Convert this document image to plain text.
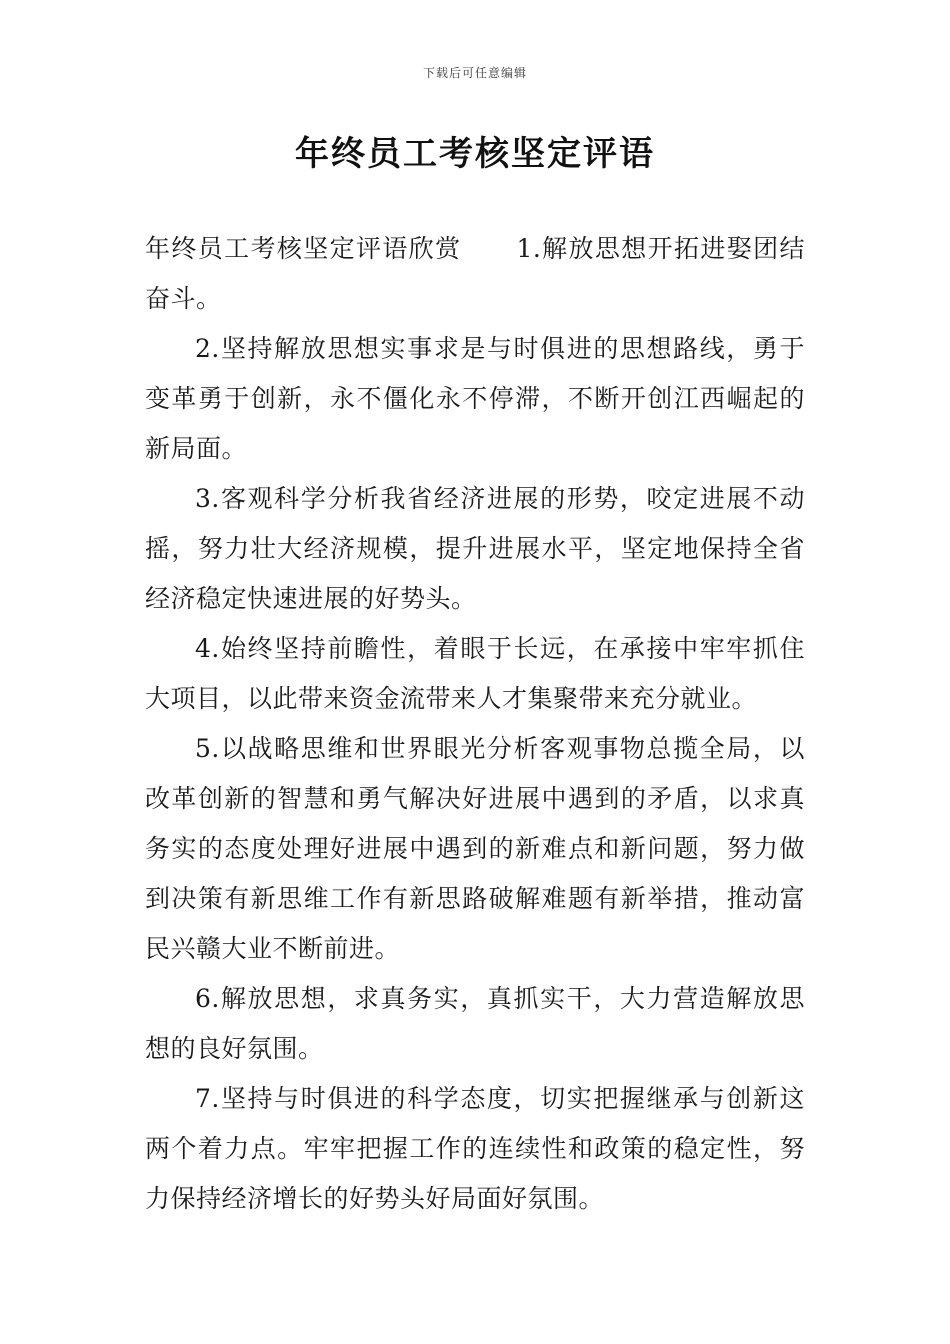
下载后可任意编辑
年终员工考核坚定评语

年终员工考核坚定评语欣赏 1.解放思想开拓进娶团结奋斗。

2.坚持解放思想实事求是与时俱进的思想路线，勇于变革勇于创新，永不僵化永不停滞，不断开创江西崛起的新局面。

3.客观科学分析我省经济进展的形势，咬定进展不动摇，努力壮大经济规模，提升进展水平，坚定地保持全省经济稳定快速进展的好势头。

4.始终坚持前瞻性，着眼于长远，在承接中牢牢抓住大项目，以此带来资金流带来人才集聚带来充分就业。

5.以战略思维和世界眼光分析客观事物总揽全局，以改革创新的智慧和勇气解决好进展中遇到的矛盾，以求真务实的态度处理好进展中遇到的新难点和新问题，努力做到决策有新思维工作有新思路破解难题有新举措，推动富民兴赣大业不断前进。

6.解放思想，求真务实，真抓实干，大力营造解放思想的良好氛围。

7.坚持与时俱进的科学态度，切实把握继承与创新这两个着力点。牢牢把握工作的连续性和政策的稳定性，努力保持经济增长的好势头好局面好氛围。
